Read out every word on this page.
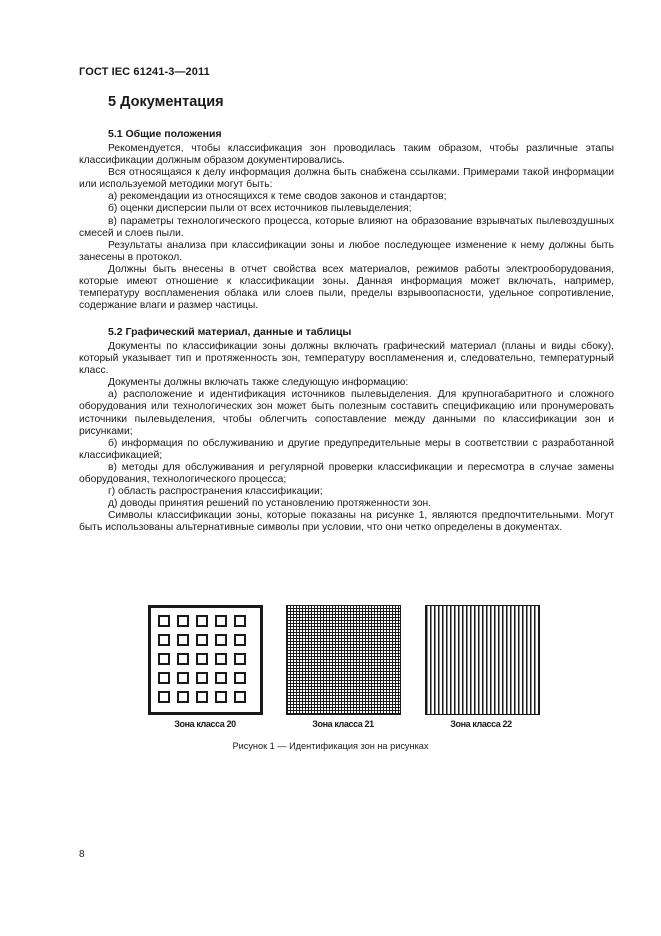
ГОСТ IEC 61241-3—2011
5 Документация
5.1 Общие положения

Рекомендуется, чтобы классификация зон проводилась таким образом, чтобы различные этапы классификации должным образом документировались.

Вся относящаяся к делу информация должна быть снабжена ссылками. Примерами такой информации или используемой методики могут быть:

а) рекомендации из относящихся к теме сводов законов и стандартов;

б) оценки дисперсии пыли от всех источников пылевыделения;

в) параметры технологического процесса, которые влияют на образование взрывчатых пылевоздушных смесей и слоев пыли.

Результаты анализа при классификации зоны и любое последующее изменение к нему должны быть занесены в протокол.

Должны быть внесены в отчет свойства всех материалов, режимов работы электрооборудования, которые имеют отношение к классификации зоны. Данная информация может включать, например, температуру воспламенения облака или слоев пыли, пределы взрывоопасности, удельное сопротивление, содержание влаги и размер частицы.

5.2 Графический материал, данные и таблицы

Документы по классификации зоны должны включать графический материал (планы и виды сбоку), который указывает тип и протяженность зон, температуру воспламенения и, следовательно, температурный класс.

Документы должны включать также следующую информацию:

а) расположение и идентификация источников пылевыделения. Для крупногабаритного и сложного оборудования или технологических зон может быть полезным составить спецификацию или пронумеровать источники пылевыделения, чтобы облегчить сопоставление между данными по классификации зон и рисунками;

б) информация по обслуживанию и другие предупредительные меры в соответствии с разработанной классификацией;

в) методы для обслуживания и регулярной проверки классификации и пересмотра в случае замены оборудования, технологического процесса;

г) область распространения классификации;

д) доводы принятия решений по установлению протяженности зон.

Символы классификации зоны, которые показаны на рисунке 1, являются предпочтительными. Могут быть использованы альтернативные символы при условии, что они четко определены в документах.

Зона класса 20	Зона класса 21	Зона класса 22
Рисунок 1 — Идентификация зон на рисунках
8
